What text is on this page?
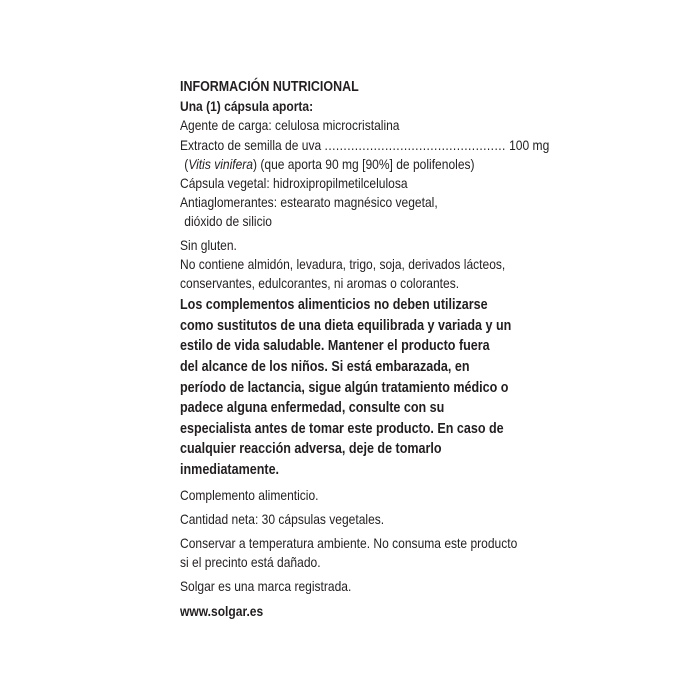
INFORMACIÓN NUTRICIONAL
Una (1) cápsula aporta:
Agente de carga: celulosa microcristalina
Extracto de semilla de uva ................................................ 100 mg
(Vitis vinifera) (que aporta 90 mg [90%] de polifenoles)
Cápsula vegetal: hidroxipropilmetilcelulosa
Antiaglomerantes: estearato magnésico vegetal,
dióxido de silicio
Sin gluten.
No contiene almidón, levadura, trigo, soja, derivados lácteos,
conservantes, edulcorantes, ni aromas o colorantes.
Los complementos alimenticios no deben utilizarse
como sustitutos de una dieta equilibrada y variada y un
estilo de vida saludable. Mantener el producto fuera
del alcance de los niños. Si está embarazada, en
período de lactancia, sigue algún tratamiento médico o
padece alguna enfermedad, consulte con su
especialista antes de tomar este producto. En caso de
cualquier reacción adversa, deje de tomarlo
inmediatamente.
Complemento alimenticio.
Cantidad neta: 30 cápsulas vegetales.
Conservar a temperatura ambiente. No consuma este producto
si el precinto está dañado.
Solgar es una marca registrada.
www.solgar.es
